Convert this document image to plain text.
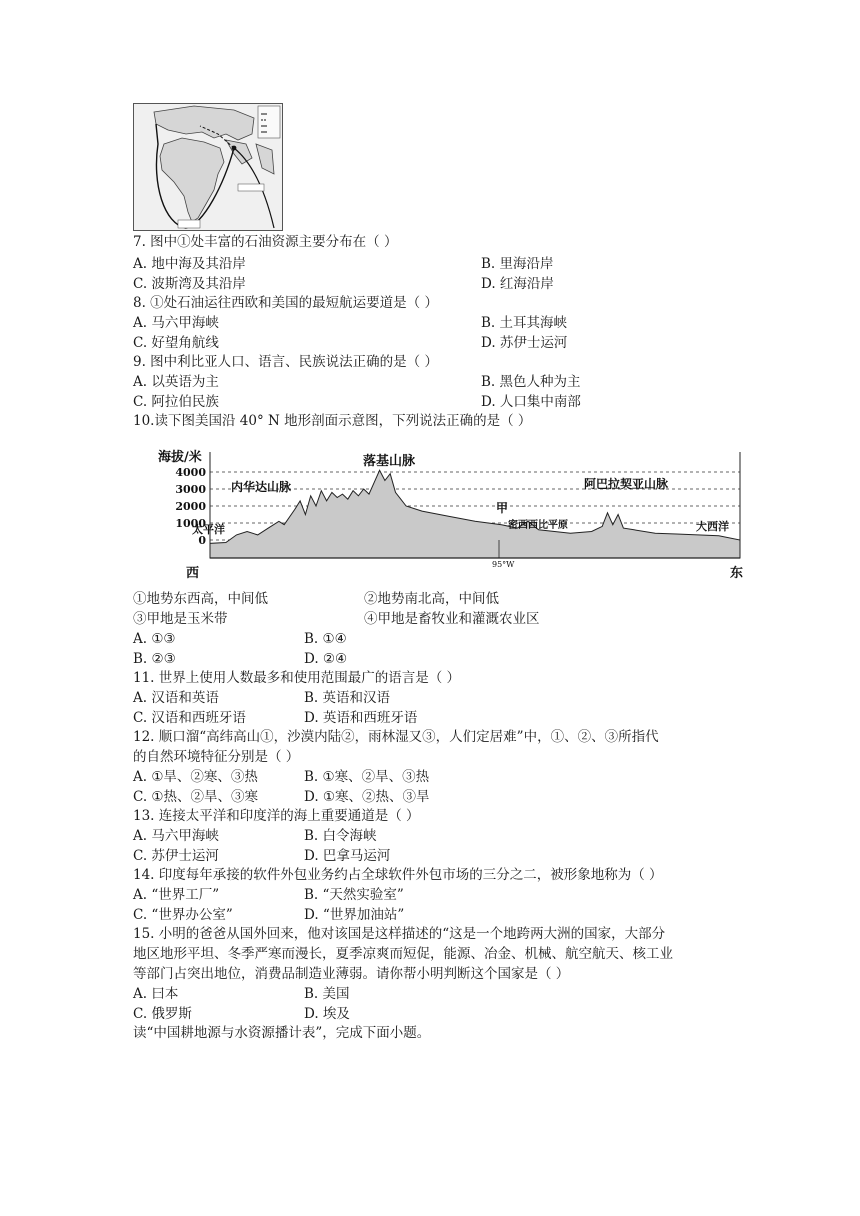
7. 图中①处丰富的石油资源主要分布在（ ）
A. 地中海及其沿岸	B. 里海沿岸
C. 波斯湾及其沿岸	D. 红海沿岸
8. ①处石油运往西欧和美国的最短航运要道是（ ）
A. 马六甲海峡	B. 土耳其海峡
C. 好望角航线	D. 苏伊士运河
9. 图中利比亚人口、语言、民族说法正确的是（ ）
A. 以英语为主	B. 黑色人种为主
C. 阿拉伯民族	D. 人口集中南部
10.读下图美国沿 40° N 地形剖面示意图，下列说法正确的是（ ）
海拔/米
4000
3000
2000
1000
0
落基山脉
内华达山脉	阿巴拉契亚山脉
甲
密西西比平原
太平洋	大西洋
95°W
西	东
①地势东西高，中间低	②地势南北高，中间低
③甲地是玉米带	④甲地是畜牧业和灌溉农业区
A. ①③	B. ①④
B. ②③	D. ②④
11. 世界上使用人数最多和使用范围最广的语言是（ ）
A. 汉语和英语	B. 英语和汉语
C. 汉语和西班牙语	D. 英语和西班牙语
12. 顺口溜“高纬高山①，沙漠内陆②，雨林湿又③，人们定居难”中，①、②、③所指代
的自然环境特征分别是（ ）
A. ①旱、②寒、③热	B. ①寒、②旱、③热
C. ①热、②旱、③寒	D. ①寒、②热、③旱
13. 连接太平洋和印度洋的海上重要通道是（ ）
A. 马六甲海峡	B. 白令海峡
C. 苏伊士运河	D. 巴拿马运河
14. 印度每年承接的软件外包业务约占全球软件外包市场的三分之二，被形象地称为（ ）
A. “世界工厂”	B. “天然实验室”
C. “世界办公室”	D. “世界加油站”
15. 小明的爸爸从国外回来，他对该国是这样描述的“这是一个地跨两大洲的国家，大部分
地区地形平坦、冬季严寒而漫长，夏季凉爽而短促，能源、冶金、机械、航空航天、核工业
等部门占突出地位，消费品制造业薄弱。请你帮小明判断这个国家是（ ）
A. 曰本	B. 美国
C. 俄罗斯	D. 埃及
读“中国耕地源与水资源播计表”，完成下面小题。
